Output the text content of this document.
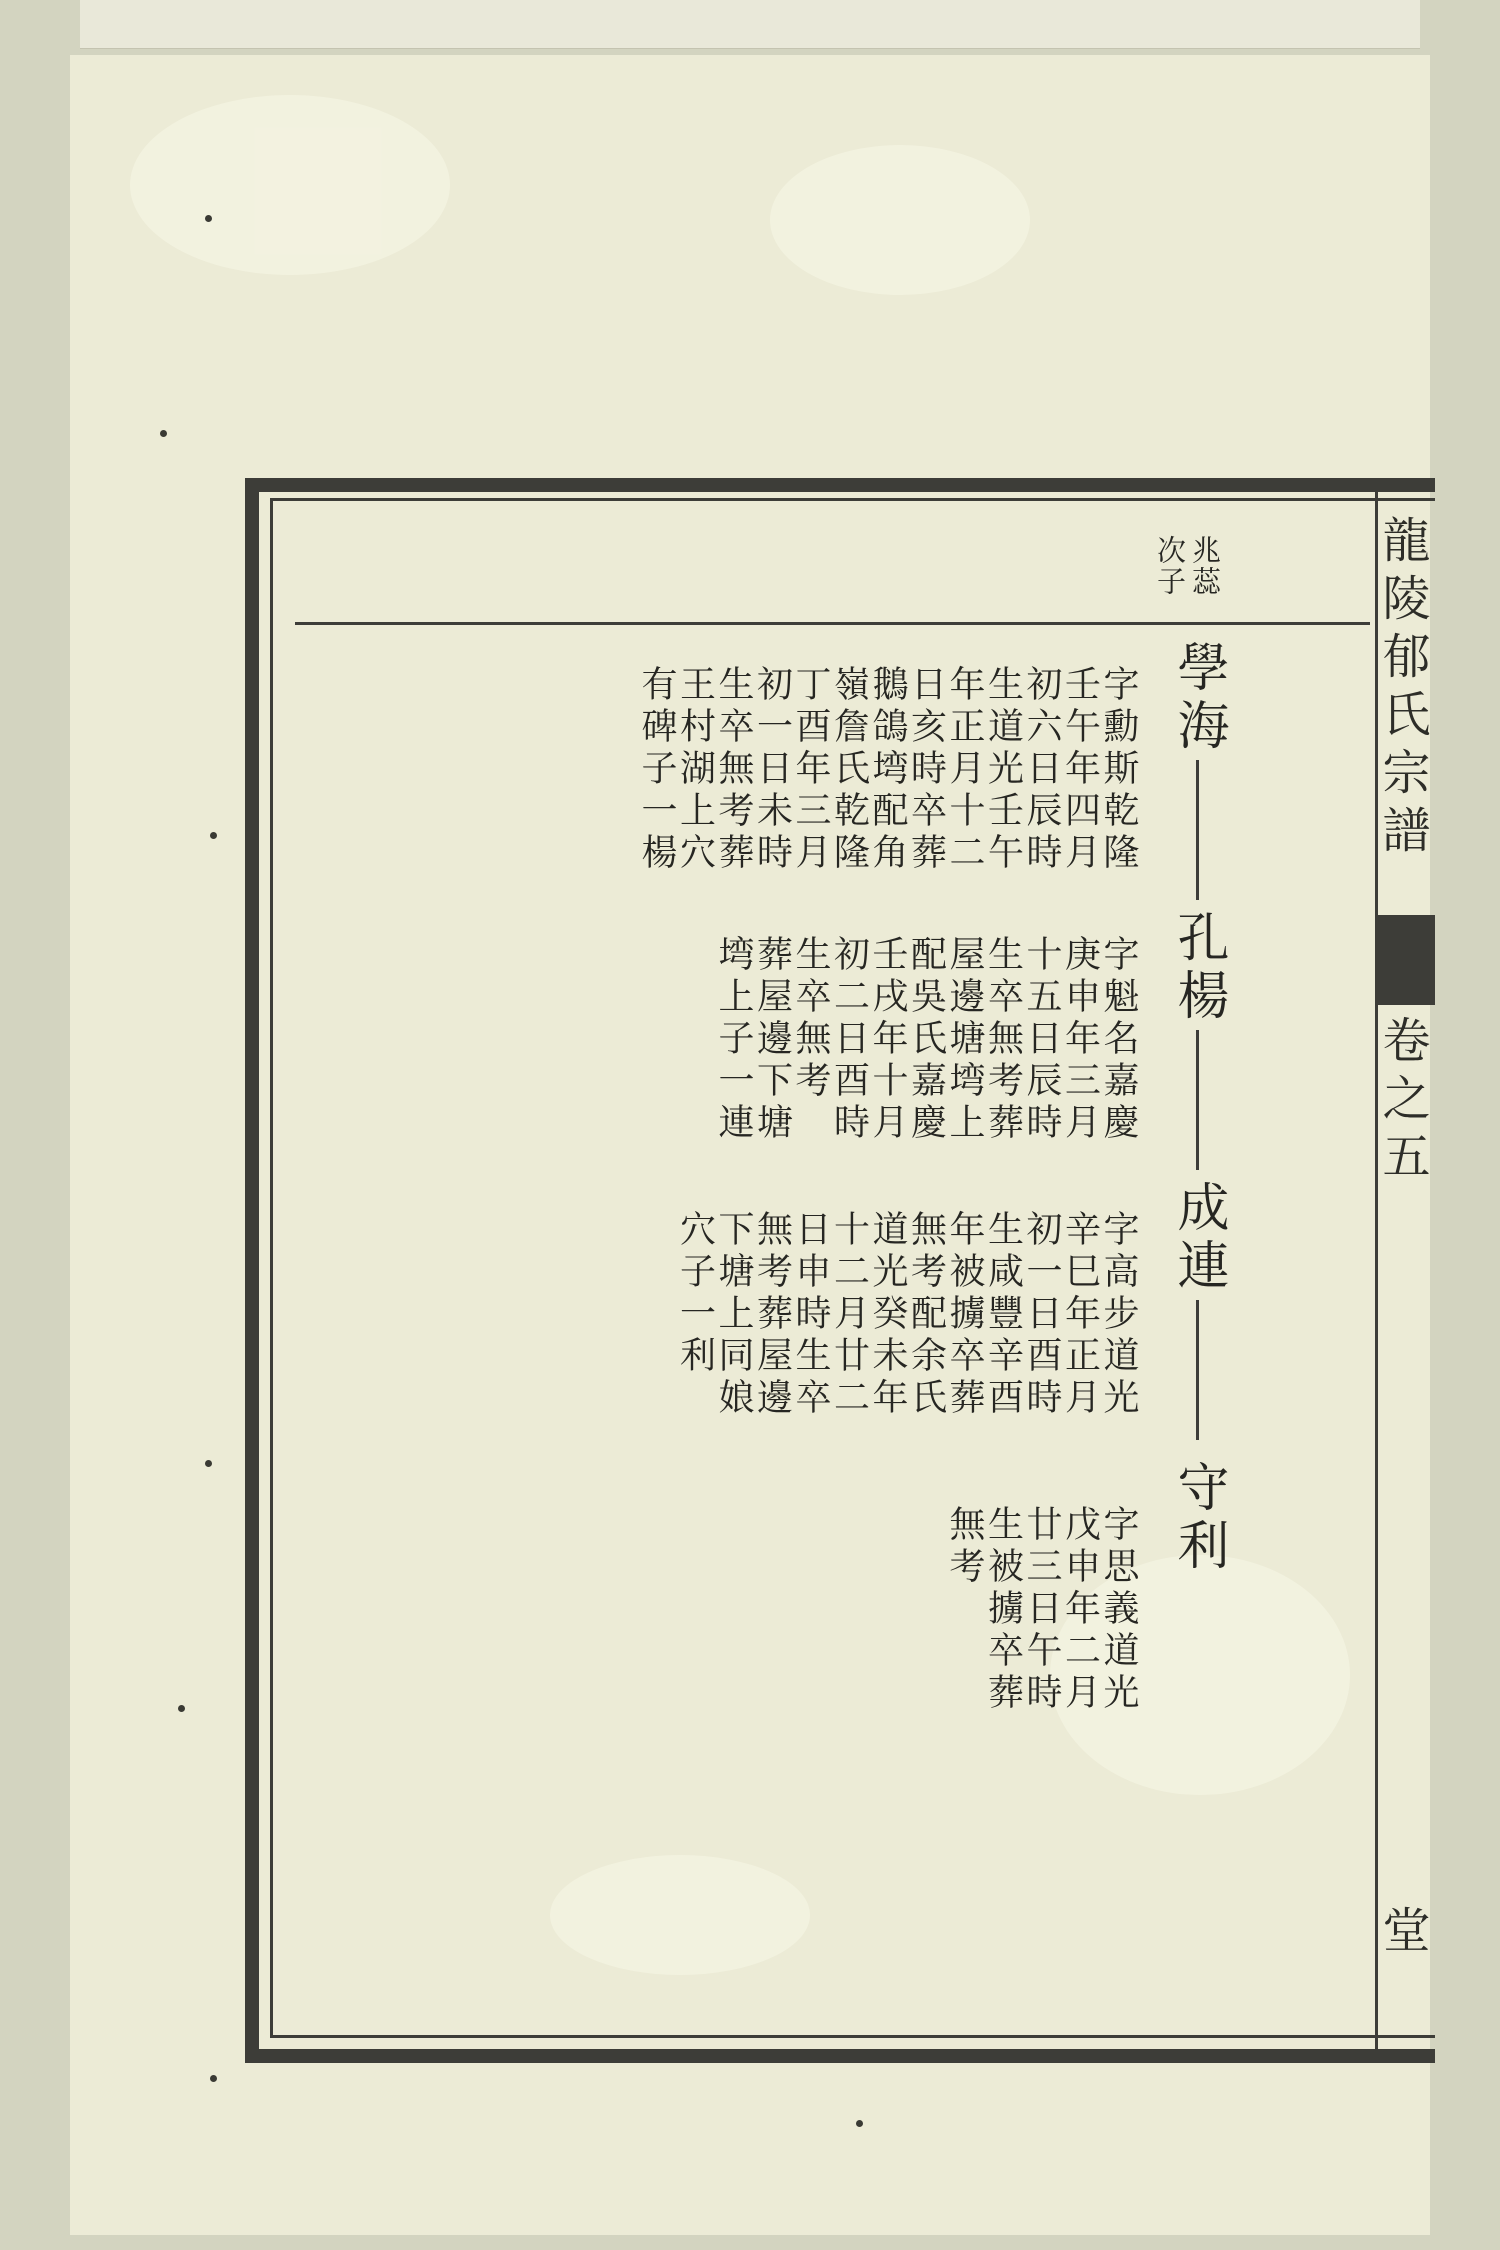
龍陵郁氏宗譜
卷之五
堂
兆蕊
次子
學海
字勳斯乾隆
壬午年四月
初六日辰時
生道光壬午
年正月十二
日亥時卒葬
鵝鴿塆配角
嶺詹氏乾隆
丁酉年三月
初一日未時
生卒無考葬
王村湖上穴
有碑子一楊
孔楊
字魁名嘉慶
庚申年三月
十五日辰時
生卒無考葬
屋邊塘塆上
配吳氏嘉慶
壬戌年十月
初二日酉時
生卒無考
葬屋邊下塘
塆上子一連
成連
字高步道光
辛巳年正月
初一日酉時
生咸豐辛酉
年被擄卒葬
無考配余氏
道光癸未年
十二月廿二
日申時生卒
無考葬屋邊
下塘上同娘
穴子一利
守利
字思義道光
戊申年二月
廿三日午時
生被擄卒葬
無考
